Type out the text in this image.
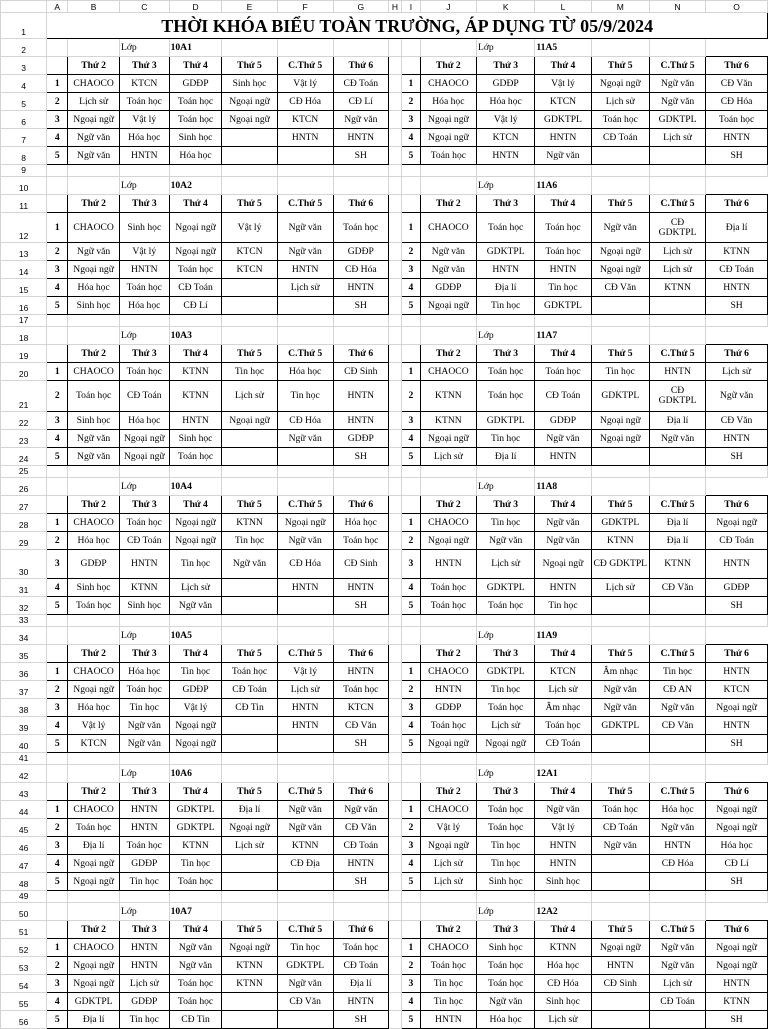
	A	B	C	D	E	F	G	H	I	J	K	L	M	N	O
1	THỜI KHÓA BIỂU TOÀN TRƯỜNG, ÁP DỤNG TỪ 05/9/2024														
2			Lớp	10A1							Lớp	11A5			
3		Thứ 2	Thứ 3	Thứ 4	Thứ 5	C.Thứ 5	Thứ 6			Thứ 2	Thứ 3	Thứ 4	Thứ 5	C.Thứ 5	Thứ 6
4	1	CHAOCO	KTCN	GDĐP	Sinh học	Vật lý	CĐ Toán		1	CHAOCO	GDĐP	Vật lý	Ngoại ngữ	Ngữ văn	CĐ Văn
5	2	Lịch sử	Toán học	Toán học	Ngoại ngữ	CĐ Hóa	CĐ Lí		2	Hóa học	Hóa học	KTCN	Lịch sử	Ngữ văn	CĐ Hóa
6	3	Ngoại ngữ	Vật lý	Toán học	Ngoại ngữ	KTCN	Ngữ văn		3	Ngoại ngữ	Vật lý	GDKTPL	Toán học	GDKTPL	Toán học
7	4	Ngữ văn	Hóa học	Sinh học		HNTN	HNTN		4	Ngoại ngữ	KTCN	HNTN	CĐ Toán	Lịch sử	HNTN
8	5	Ngữ văn	HNTN	Hóa học			SH		5	Toán học	HNTN	Ngữ văn			SH
9															
10			Lớp	10A2							Lớp	11A6			
11		Thứ 2	Thứ 3	Thứ 4	Thứ 5	C.Thứ 5	Thứ 6			Thứ 2	Thứ 3	Thứ 4	Thứ 5	C.Thứ 5	Thứ 6
12	1	CHAOCO	Sinh học	Ngoại ngữ	Vật lý	Ngữ văn	Toán học		1	CHAOCO	Toán học	Toán học	Ngữ văn	CĐ GDKTPL	Địa lí
13	2	Ngữ văn	Vật lý	Ngoại ngữ	KTCN	Ngữ văn	GDĐP		2	Ngữ văn	GDKTPL	Toán học	Ngoại ngữ	Lịch sử	KTNN
14	3	Ngoại ngữ	HNTN	Toán học	KTCN	HNTN	CĐ Hóa		3	Ngữ văn	HNTN	HNTN	Ngoại ngữ	Lịch sử	CĐ Toán
15	4	Hóa học	Toán học	CĐ Toán		Lịch sử	HNTN		4	GDĐP	Địa lí	Tin học	CĐ Văn	KTNN	HNTN
16	5	Sinh học	Hóa học	CĐ Lí			SH		5	Ngoại ngữ	Tin học	GDKTPL			SH
17															
18			Lớp	10A3							Lớp	11A7			
19		Thứ 2	Thứ 3	Thứ 4	Thứ 5	C.Thứ 5	Thứ 6			Thứ 2	Thứ 3	Thứ 4	Thứ 5	C.Thứ 5	Thứ 6
20	1	CHAOCO	Toán học	KTNN	Tin học	Hóa học	CĐ Sinh		1	CHAOCO	Toán học	Toán học	Tin học	HNTN	Lịch sử
21	2	Toán học	CĐ Toán	KTNN	Lịch sử	Tin học	HNTN		2	KTNN	Toán học	CĐ Toán	GDKTPL	CĐ GDKTPL	Ngữ văn
22	3	Sinh học	Hóa học	HNTN	Ngoại ngữ	CĐ Hóa	HNTN		3	KTNN	GDKTPL	GDĐP	Ngoại ngữ	Địa lí	CĐ Văn
23	4	Ngữ văn	Ngoại ngữ	Sinh học		Ngữ văn	GDĐP		4	Ngoại ngữ	Tin học	Ngữ văn	Ngoại ngữ	Ngữ văn	HNTN
24	5	Ngữ văn	Ngoại ngữ	Toán học			SH		5	Lịch sử	Địa lí	HNTN			SH
25															
26			Lớp	10A4							Lớp	11A8			
27		Thứ 2	Thứ 3	Thứ 4	Thứ 5	C.Thứ 5	Thứ 6			Thứ 2	Thứ 3	Thứ 4	Thứ 5	C.Thứ 5	Thứ 6
28	1	CHAOCO	Toán học	Ngoại ngữ	KTNN	Ngoại ngữ	Hóa học		1	CHAOCO	Tin học	Ngữ văn	GDKTPL	Địa lí	Ngoại ngữ
29	2	Hóa học	CĐ Toán	Ngoại ngữ	Tin học	Ngữ văn	Toán học		2	Ngoại ngữ	Ngữ văn	Ngữ văn	KTNN	Địa lí	CĐ Toán
30	3	GDĐP	HNTN	Tin học	Ngữ văn	CĐ Hóa	CĐ Sinh		3	HNTN	Lịch sử	Ngoại ngữ	CĐ GDKTPL	KTNN	HNTN
31	4	Sinh học	KTNN	Lịch sử		HNTN	HNTN		4	Toán học	GDKTPL	HNTN	Lịch sử	CĐ Văn	GDĐP
32	5	Toán học	Sinh học	Ngữ văn			SH		5	Toán học	Toán học	Tin học			SH
33															
34			Lớp	10A5							Lớp	11A9			
35		Thứ 2	Thứ 3	Thứ 4	Thứ 5	C.Thứ 5	Thứ 6			Thứ 2	Thứ 3	Thứ 4	Thứ 5	C.Thứ 5	Thứ 6
36	1	CHAOCO	Hóa học	Tin học	Toán học	Vật lý	HNTN		1	CHAOCO	GDKTPL	KTCN	Âm nhạc	Tin học	HNTN
37	2	Ngoại ngữ	Toán học	GDĐP	CĐ Toán	Lịch sử	Toán học		2	HNTN	Tin học	Lịch sử	Ngữ văn	CĐ AN	KTCN
38	3	Hóa học	Tin học	Vật lý	CĐ Tin	HNTN	KTCN		3	GDĐP	Toán học	Âm nhạc	Ngữ văn	Ngữ văn	Ngoại ngữ
39	4	Vật lý	Ngữ văn	Ngoại ngữ		HNTN	CĐ Văn		4	Toán học	Lịch sử	Toán học	GDKTPL	CĐ Văn	HNTN
40	5	KTCN	Ngữ văn	Ngoại ngữ			SH		5	Ngoại ngữ	Ngoại ngữ	CĐ Toán			SH
41															
42			Lớp	10A6							Lớp	12A1			
43		Thứ 2	Thứ 3	Thứ 4	Thứ 5	C.Thứ 5	Thứ 6			Thứ 2	Thứ 3	Thứ 4	Thứ 5	C.Thứ 5	Thứ 6
44	1	CHAOCO	HNTN	GDKTPL	Địa lí	Ngữ văn	Ngữ văn		1	CHAOCO	Toán học	Ngữ văn	Toán học	Hóa học	Ngoại ngữ
45	2	Toán học	HNTN	GDKTPL	Ngoại ngữ	Ngữ văn	CĐ Văn		2	Vật lý	Toán học	Vật lý	CĐ Toán	Ngữ văn	Ngoại ngữ
46	3	Địa lí	Toán học	KTNN	Lịch sử	KTNN	CĐ Toán		3	Ngoại ngữ	Tin học	HNTN	Ngữ văn	HNTN	Hóa học
47	4	Ngoại ngữ	GDĐP	Tin học		CĐ Địa	HNTN		4	Lịch sử	Tin học	HNTN		CĐ Hóa	CĐ Lí
48	5	Ngoại ngữ	Tin học	Toán học			SH		5	Lịch sử	Sinh học	Sinh học			SH
49															
50			Lớp	10A7							Lớp	12A2			
51		Thứ 2	Thứ 3	Thứ 4	Thứ 5	C.Thứ 5	Thứ 6			Thứ 2	Thứ 3	Thứ 4	Thứ 5	C.Thứ 5	Thứ 6
52	1	CHAOCO	HNTN	Ngữ văn	Ngoại ngữ	Tin học	Toán học		1	CHAOCO	Sinh học	KTNN	Ngoại ngữ	Ngữ văn	Ngoại ngữ
53	2	Ngoại ngữ	HNTN	Ngữ văn	KTNN	GDKTPL	CĐ Toán		2	Toán học	Toán học	Hóa học	HNTN	Ngữ văn	Ngoại ngữ
54	3	Ngoại ngữ	Lịch sử	Toán học	KTNN	Ngữ văn	Địa lí		3	Tin học	Toán học	CĐ Hóa	CĐ Sinh	Lịch sử	HNTN
55	4	GDKTPL	GDĐP	Toán học		CĐ Văn	HNTN		4	Tin học	Ngữ văn	Sinh học		CĐ Toán	KTNN
56	5	Địa lí	Tin học	CĐ Tin			SH		5	HNTN	Hóa học	Lịch sử			SH
